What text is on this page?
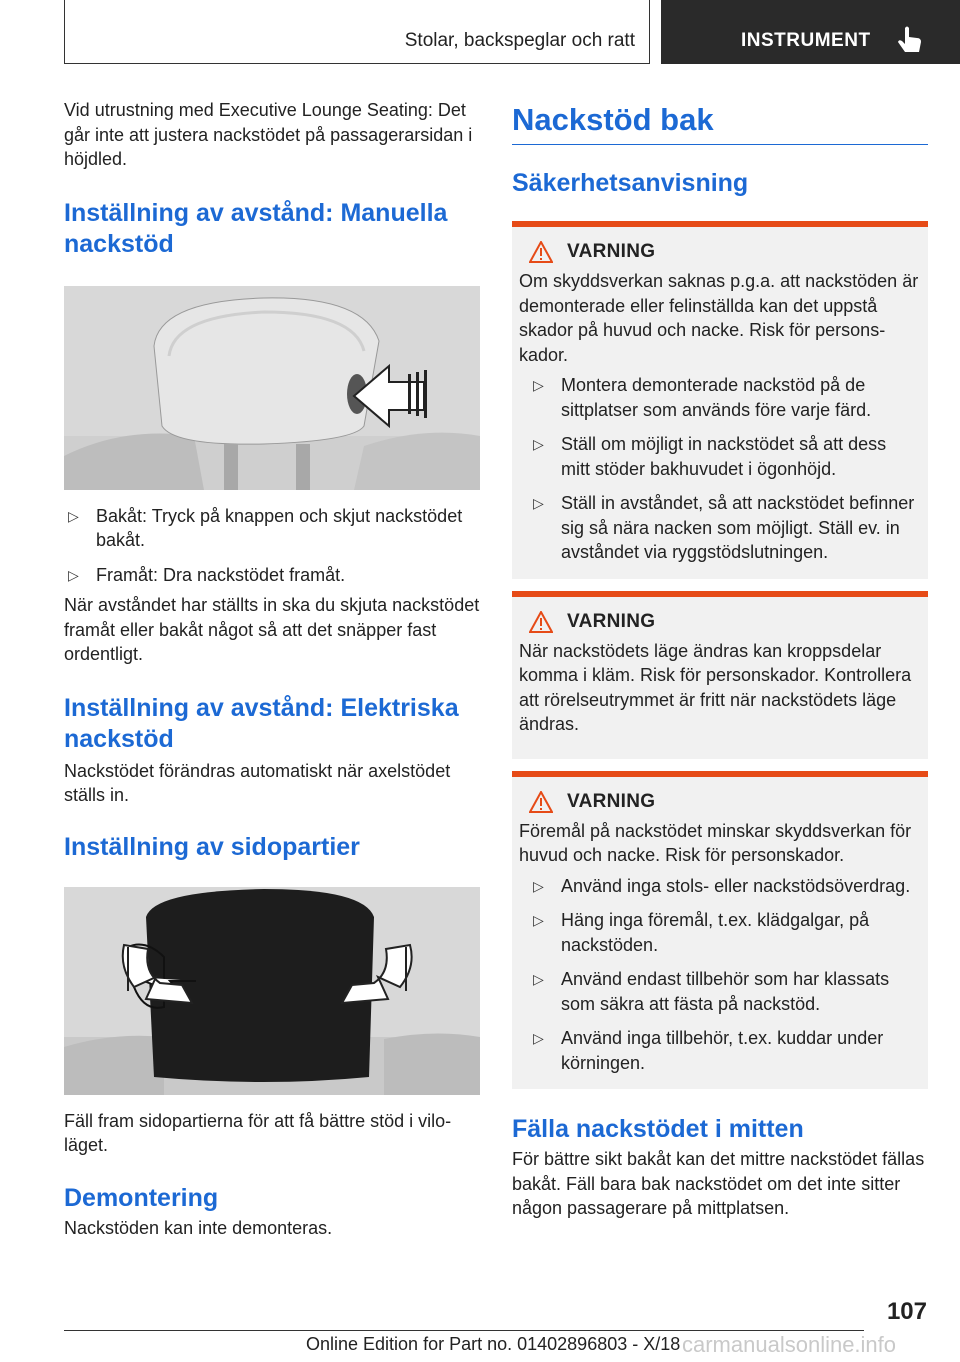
Stolar, backspeglar och ratt	INSTRUMENT

Vid utrustning med Executive Lounge Seating: Det går inte att justera nackstödet på passagerarsidan i höjdled.

Inställning av avstånd: Manuella nackstöd
▷ Bakåt: Tryck på knappen och skjut nackstödet bakåt.
▷ Framåt: Dra nackstödet framåt.

När avståndet har ställts in ska du skjuta nackstödet framåt eller bakåt något så att det snäpper fast ordentligt.

Inställning av avstånd: Elektriska nackstöd

Nackstödet förändras automatiskt när axelstödet ställs in.

Inställning av sidopartier

Fäll fram sidopartierna för att få bättre stöd i viloläget.

Demontering

Nackstöden kan inte demonteras.

Nackstöd bak
Säkerhetsanvisning
VARNING

Om skyddsverkan saknas p.g.a. att nackstöden är demonterade eller felinställda kan det uppstå skador på huvud och nacke. Risk för personskador.

▷ Montera demonterade nackstöd på de sittplatser som används före varje färd.
▷ Ställ om möjligt in nackstödet så att dess mitt stöder bakhuvudet i ögonhöjd.
▷ Ställ in avståndet, så att nackstödet befinner sig så nära nacken som möjligt. Ställ ev. in avståndet via ryggstödslutningen.
VARNING

När nackstödets läge ändras kan kroppsdelar komma i kläm. Risk för personskador. Kontrollera att rörelseutrymmet är fritt när nackstödets läge ändras.

VARNING

Föremål på nackstödet minskar skyddsverkan för huvud och nacke. Risk för personskador.

▷ Använd inga stols- eller nackstödsöverdrag.
▷ Häng inga föremål, t.ex. klädgalgar, på nackstöden.
▷ Använd endast tillbehör som har klassats som säkra att fästa på nackstöd.
▷ Använd inga tillbehör, t.ex. kuddar under körningen.
Fälla nackstödet i mitten

För bättre sikt bakåt kan det mittre nackstödet fällas bakåt. Fäll bara bak nackstödet om det inte sitter någon passagerare på mittplatsen.

107
Online Edition for Part no. 01402896803 - X/18 carmanualsonline.info
